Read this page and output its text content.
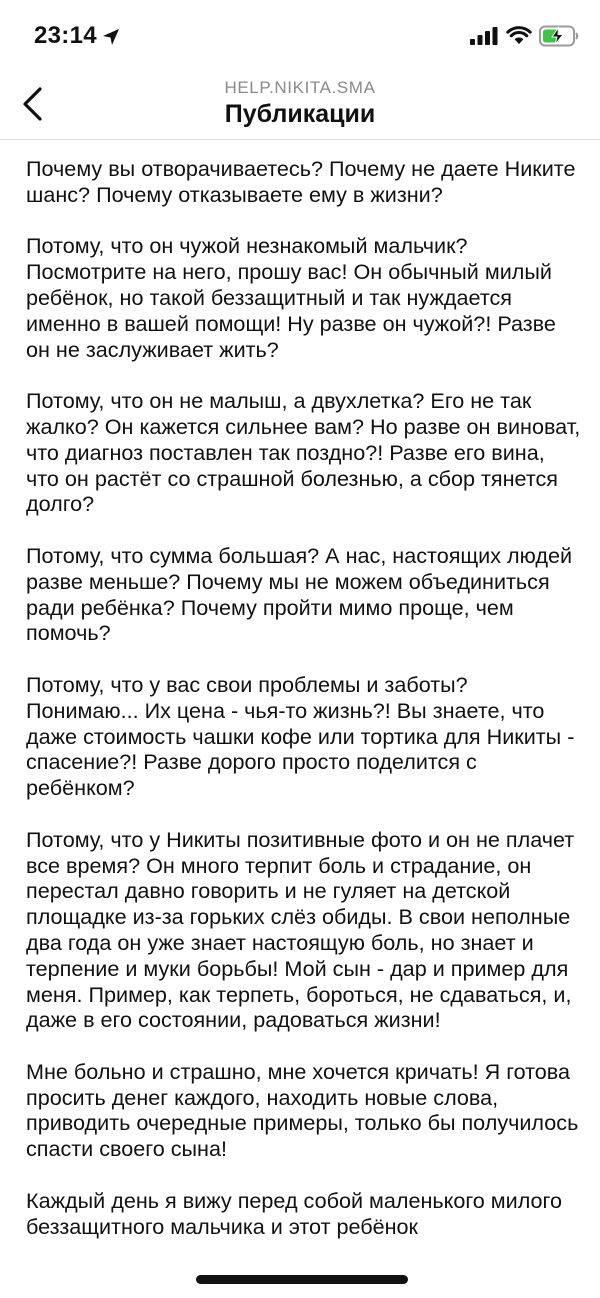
23:14
HELP.NIKITA.SMA
Публикации

Почему вы отворачиваетесь? Почему не даете Никите шанс? Почему отказываете ему в жизни?

Потому, что он чужой незнакомый мальчик? Посмотрите на него, прошу вас! Он обычный милый ребёнок, но такой беззащитный и так нуждается именно в вашей помощи! Ну разве он чужой?! Разве он не заслуживает жить?

Потому, что он не малыш, а двухлетка? Его не так жалко? Он кажется сильнее вам? Но разве он виноват, что диагноз поставлен так поздно?! Разве его вина, что он растёт со страшной болезнью, а сбор тянется долго?

Потому, что сумма большая? А нас, настоящих людей разве меньше? Почему мы не можем объединиться ради ребёнка? Почему пройти мимо проще, чем помочь?

Потому, что у вас свои проблемы и заботы? Понимаю... Их цена - чья-то жизнь?! Вы знаете, что даже стоимость чашки кофе или тортика для Никиты - спасение?! Разве дорого просто поделится с ребёнком?

Потому, что у Никиты позитивные фото и он не плачет все время? Он много терпит боль и страдание, он перестал давно говорить и не гуляет на детской площадке из-за горьких слёз обиды. В свои неполные два года он уже знает настоящую боль, но знает и терпение и муки борьбы! Мой сын - дар и пример для меня. Пример, как терпеть, бороться, не сдаваться, и, даже в его состоянии, радоваться жизни!

Мне больно и страшно, мне хочется кричать! Я готова просить денег каждого, находить новые слова, приводить очередные примеры, только бы получилось спасти своего сына!

Каждый день я вижу перед собой маленького милого беззащитного мальчика и этот ребёнок
